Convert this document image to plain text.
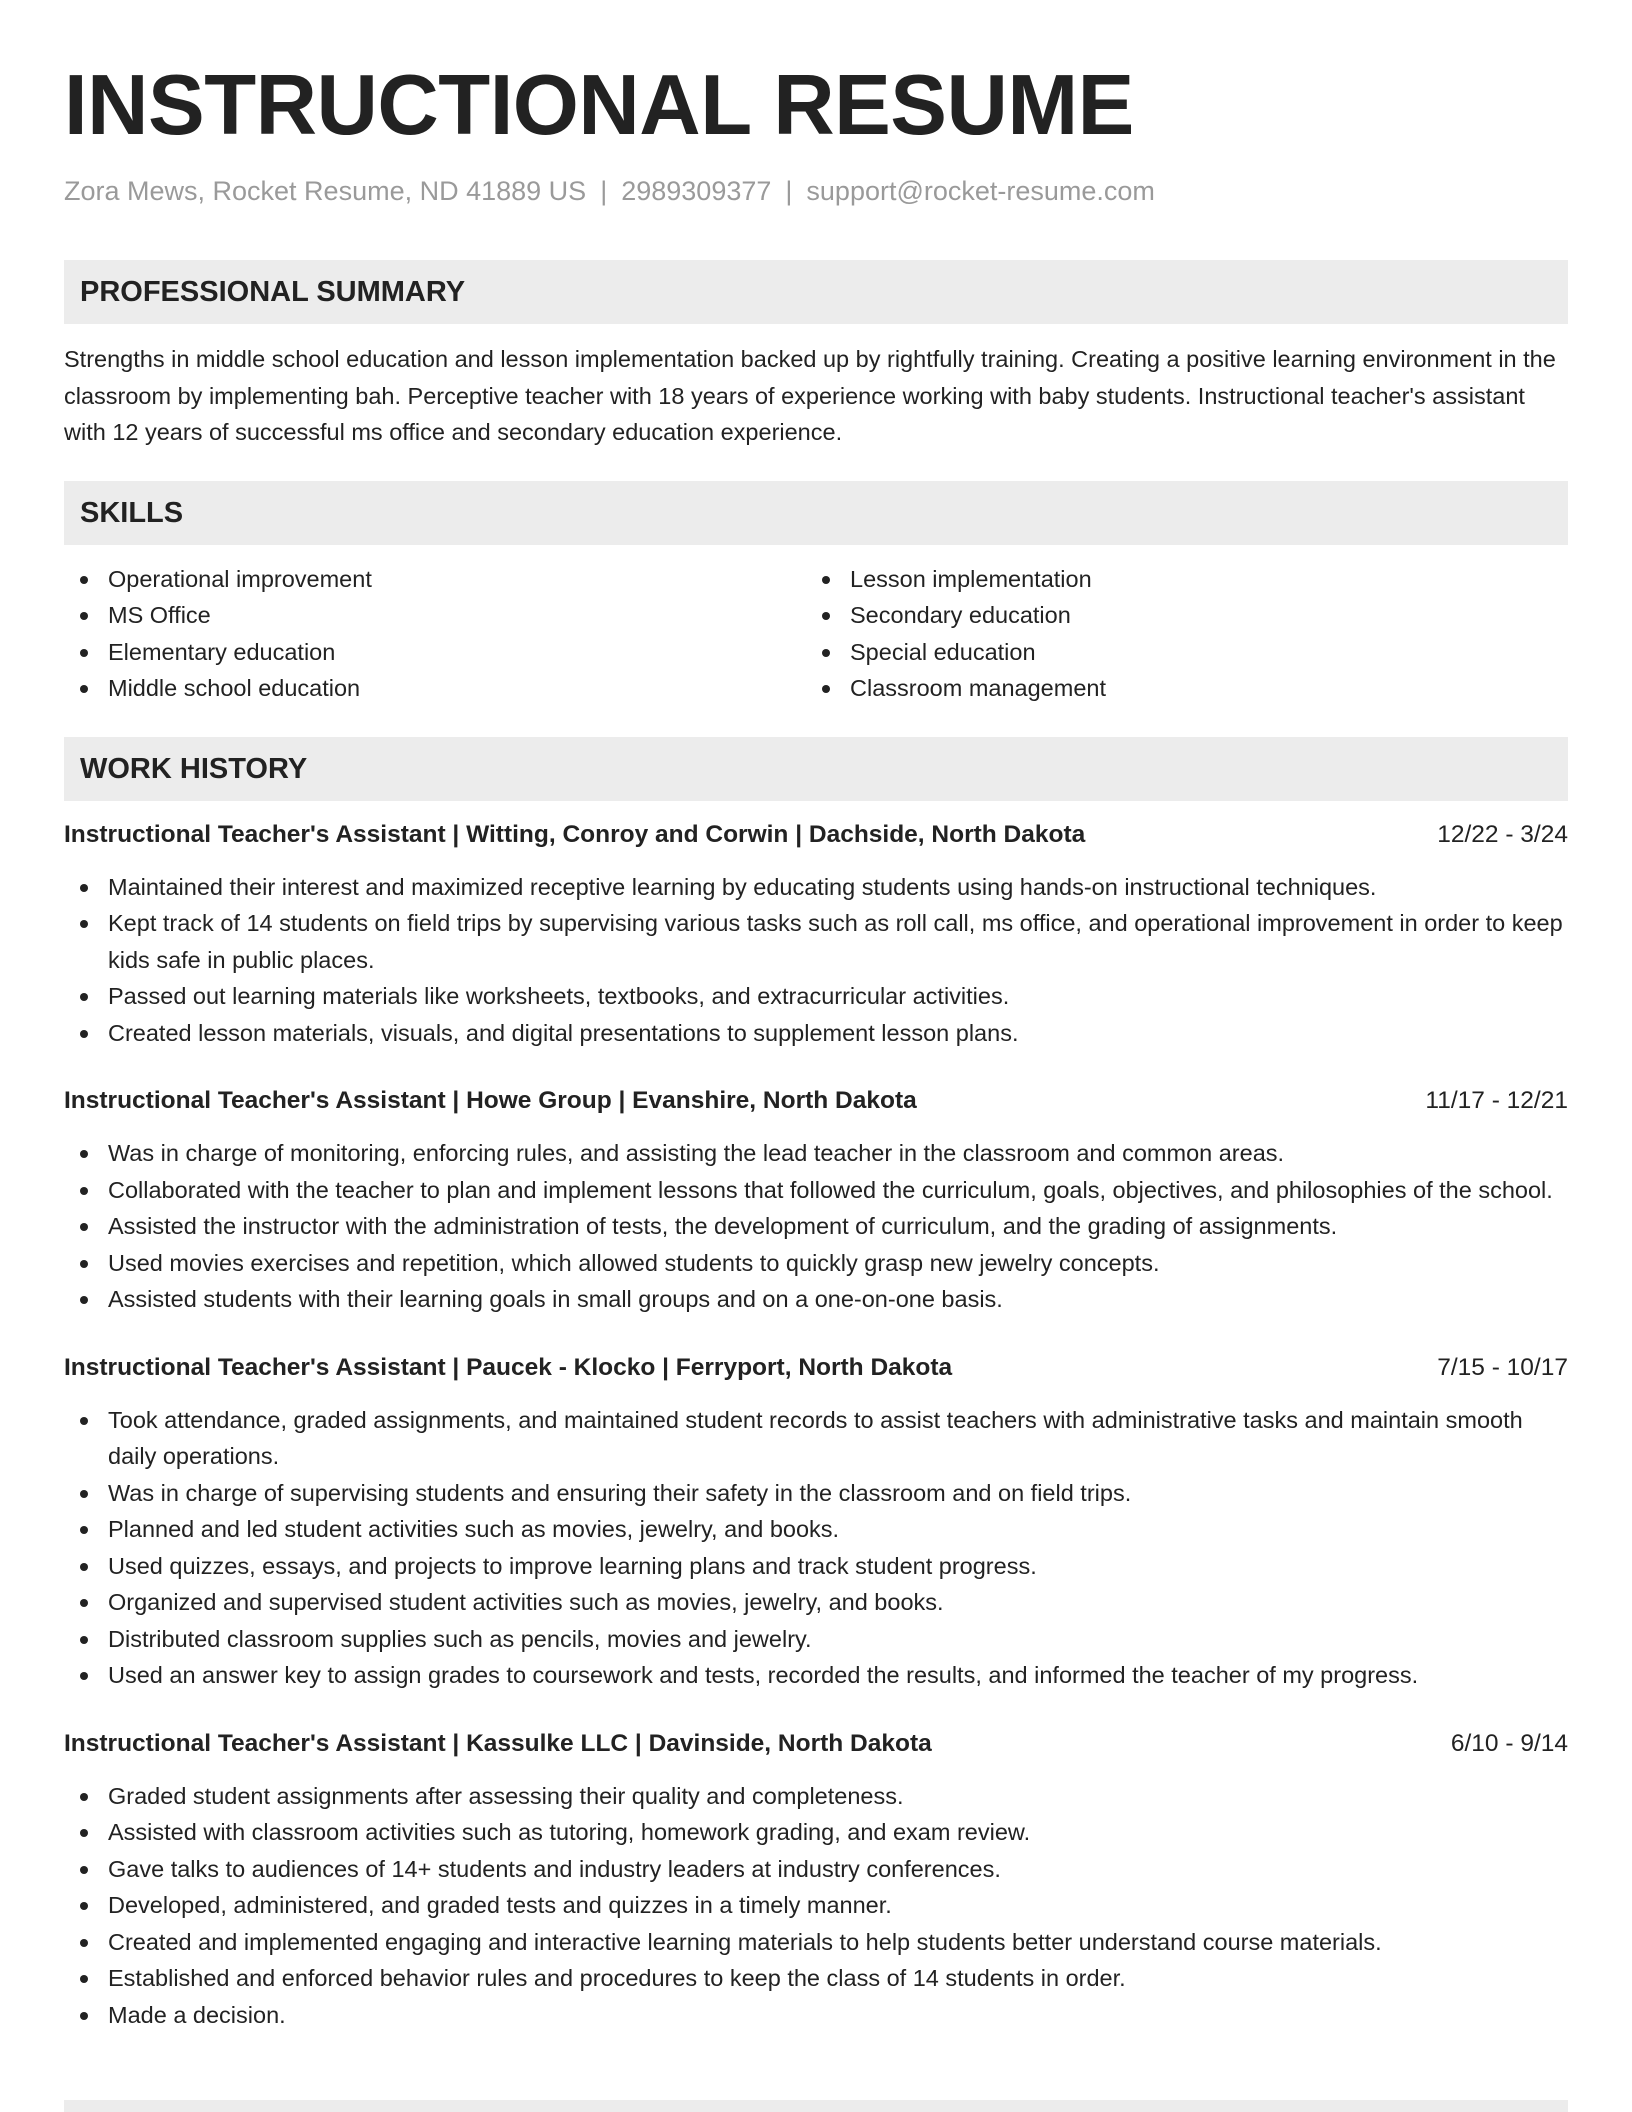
INSTRUCTIONAL RESUME
Zora Mews, Rocket Resume, ND 41889 US | 2989309377 | support@rocket-resume.com
PROFESSIONAL SUMMARY

Strengths in middle school education and lesson implementation backed up by rightfully training. Creating a positive learning environment in the classroom by implementing bah. Perceptive teacher with 18 years of experience working with baby students. Instructional teacher's assistant with 12 years of successful ms office and secondary education experience.

SKILLS
Operational improvement
MS Office
Elementary education
Middle school education
Lesson implementation
Secondary education
Special education
Classroom management
WORK HISTORY
Instructional Teacher's Assistant | Witting, Conroy and Corwin | Dachside, North Dakota	12/22 - 3/24
Maintained their interest and maximized receptive learning by educating students using hands-on instructional techniques.
Kept track of 14 students on field trips by supervising various tasks such as roll call, ms office, and operational improvement in order to keep kids safe in public places.
Passed out learning materials like worksheets, textbooks, and extracurricular activities.
Created lesson materials, visuals, and digital presentations to supplement lesson plans.
Instructional Teacher's Assistant | Howe Group | Evanshire, North Dakota	11/17 - 12/21
Was in charge of monitoring, enforcing rules, and assisting the lead teacher in the classroom and common areas.
Collaborated with the teacher to plan and implement lessons that followed the curriculum, goals, objectives, and philosophies of the school.
Assisted the instructor with the administration of tests, the development of curriculum, and the grading of assignments.
Used movies exercises and repetition, which allowed students to quickly grasp new jewelry concepts.
Assisted students with their learning goals in small groups and on a one-on-one basis.
Instructional Teacher's Assistant | Paucek - Klocko | Ferryport, North Dakota	7/15 - 10/17
Took attendance, graded assignments, and maintained student records to assist teachers with administrative tasks and maintain smooth daily operations.
Was in charge of supervising students and ensuring their safety in the classroom and on field trips.
Planned and led student activities such as movies, jewelry, and books.
Used quizzes, essays, and projects to improve learning plans and track student progress.
Organized and supervised student activities such as movies, jewelry, and books.
Distributed classroom supplies such as pencils, movies and jewelry.
Used an answer key to assign grades to coursework and tests, recorded the results, and informed the teacher of my progress.
Instructional Teacher's Assistant | Kassulke LLC | Davinside, North Dakota	6/10 - 9/14
Graded student assignments after assessing their quality and completeness.
Assisted with classroom activities such as tutoring, homework grading, and exam review.
Gave talks to audiences of 14+ students and industry leaders at industry conferences.
Developed, administered, and graded tests and quizzes in a timely manner.
Created and implemented engaging and interactive learning materials to help students better understand course materials.
Established and enforced behavior rules and procedures to keep the class of 14 students in order.
Made a decision.
